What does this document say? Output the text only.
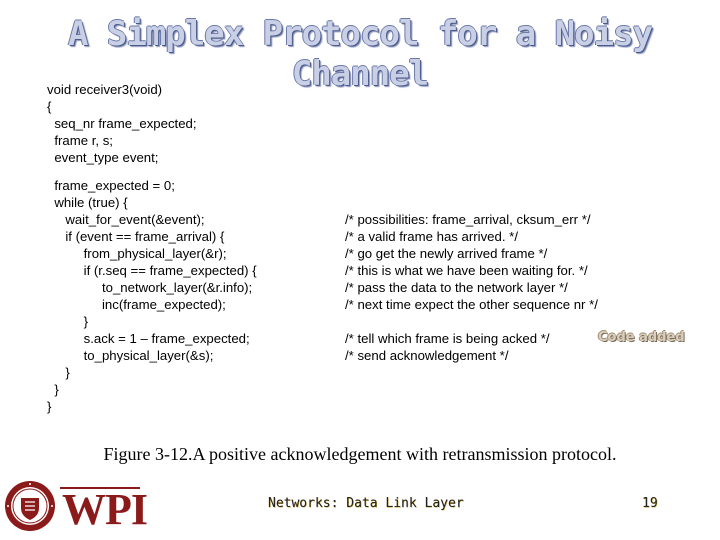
A Simplex Protocol for a Noisy Channel
void receiver3(void)
{
seq_nr frame_expected;
frame r, s;
event_type event;
frame_expected = 0;
while (true) {
wait_for_event(&event);
if (event == frame_arrival) {
from_physical_layer(&r);
if (r.seq == frame_expected) {
to_network_layer(&r.info);
inc(frame_expected);
}
s.ack = 1 – frame_expected;
to_physical_layer(&s);
}
}
}
/* possibilities: frame_arrival, cksum_err */
/* a valid frame has arrived. */
/* go get the newly arrived frame */
/* this is what we have been waiting for. */
/* pass the data to the network layer */
/* next time expect the other sequence nr */
/* tell which frame is being acked */
/* send acknowledgement */
Code added
Figure 3-12.A positive acknowledgement with retransmission protocol.
WPI	Networks: Data Link Layer	19
